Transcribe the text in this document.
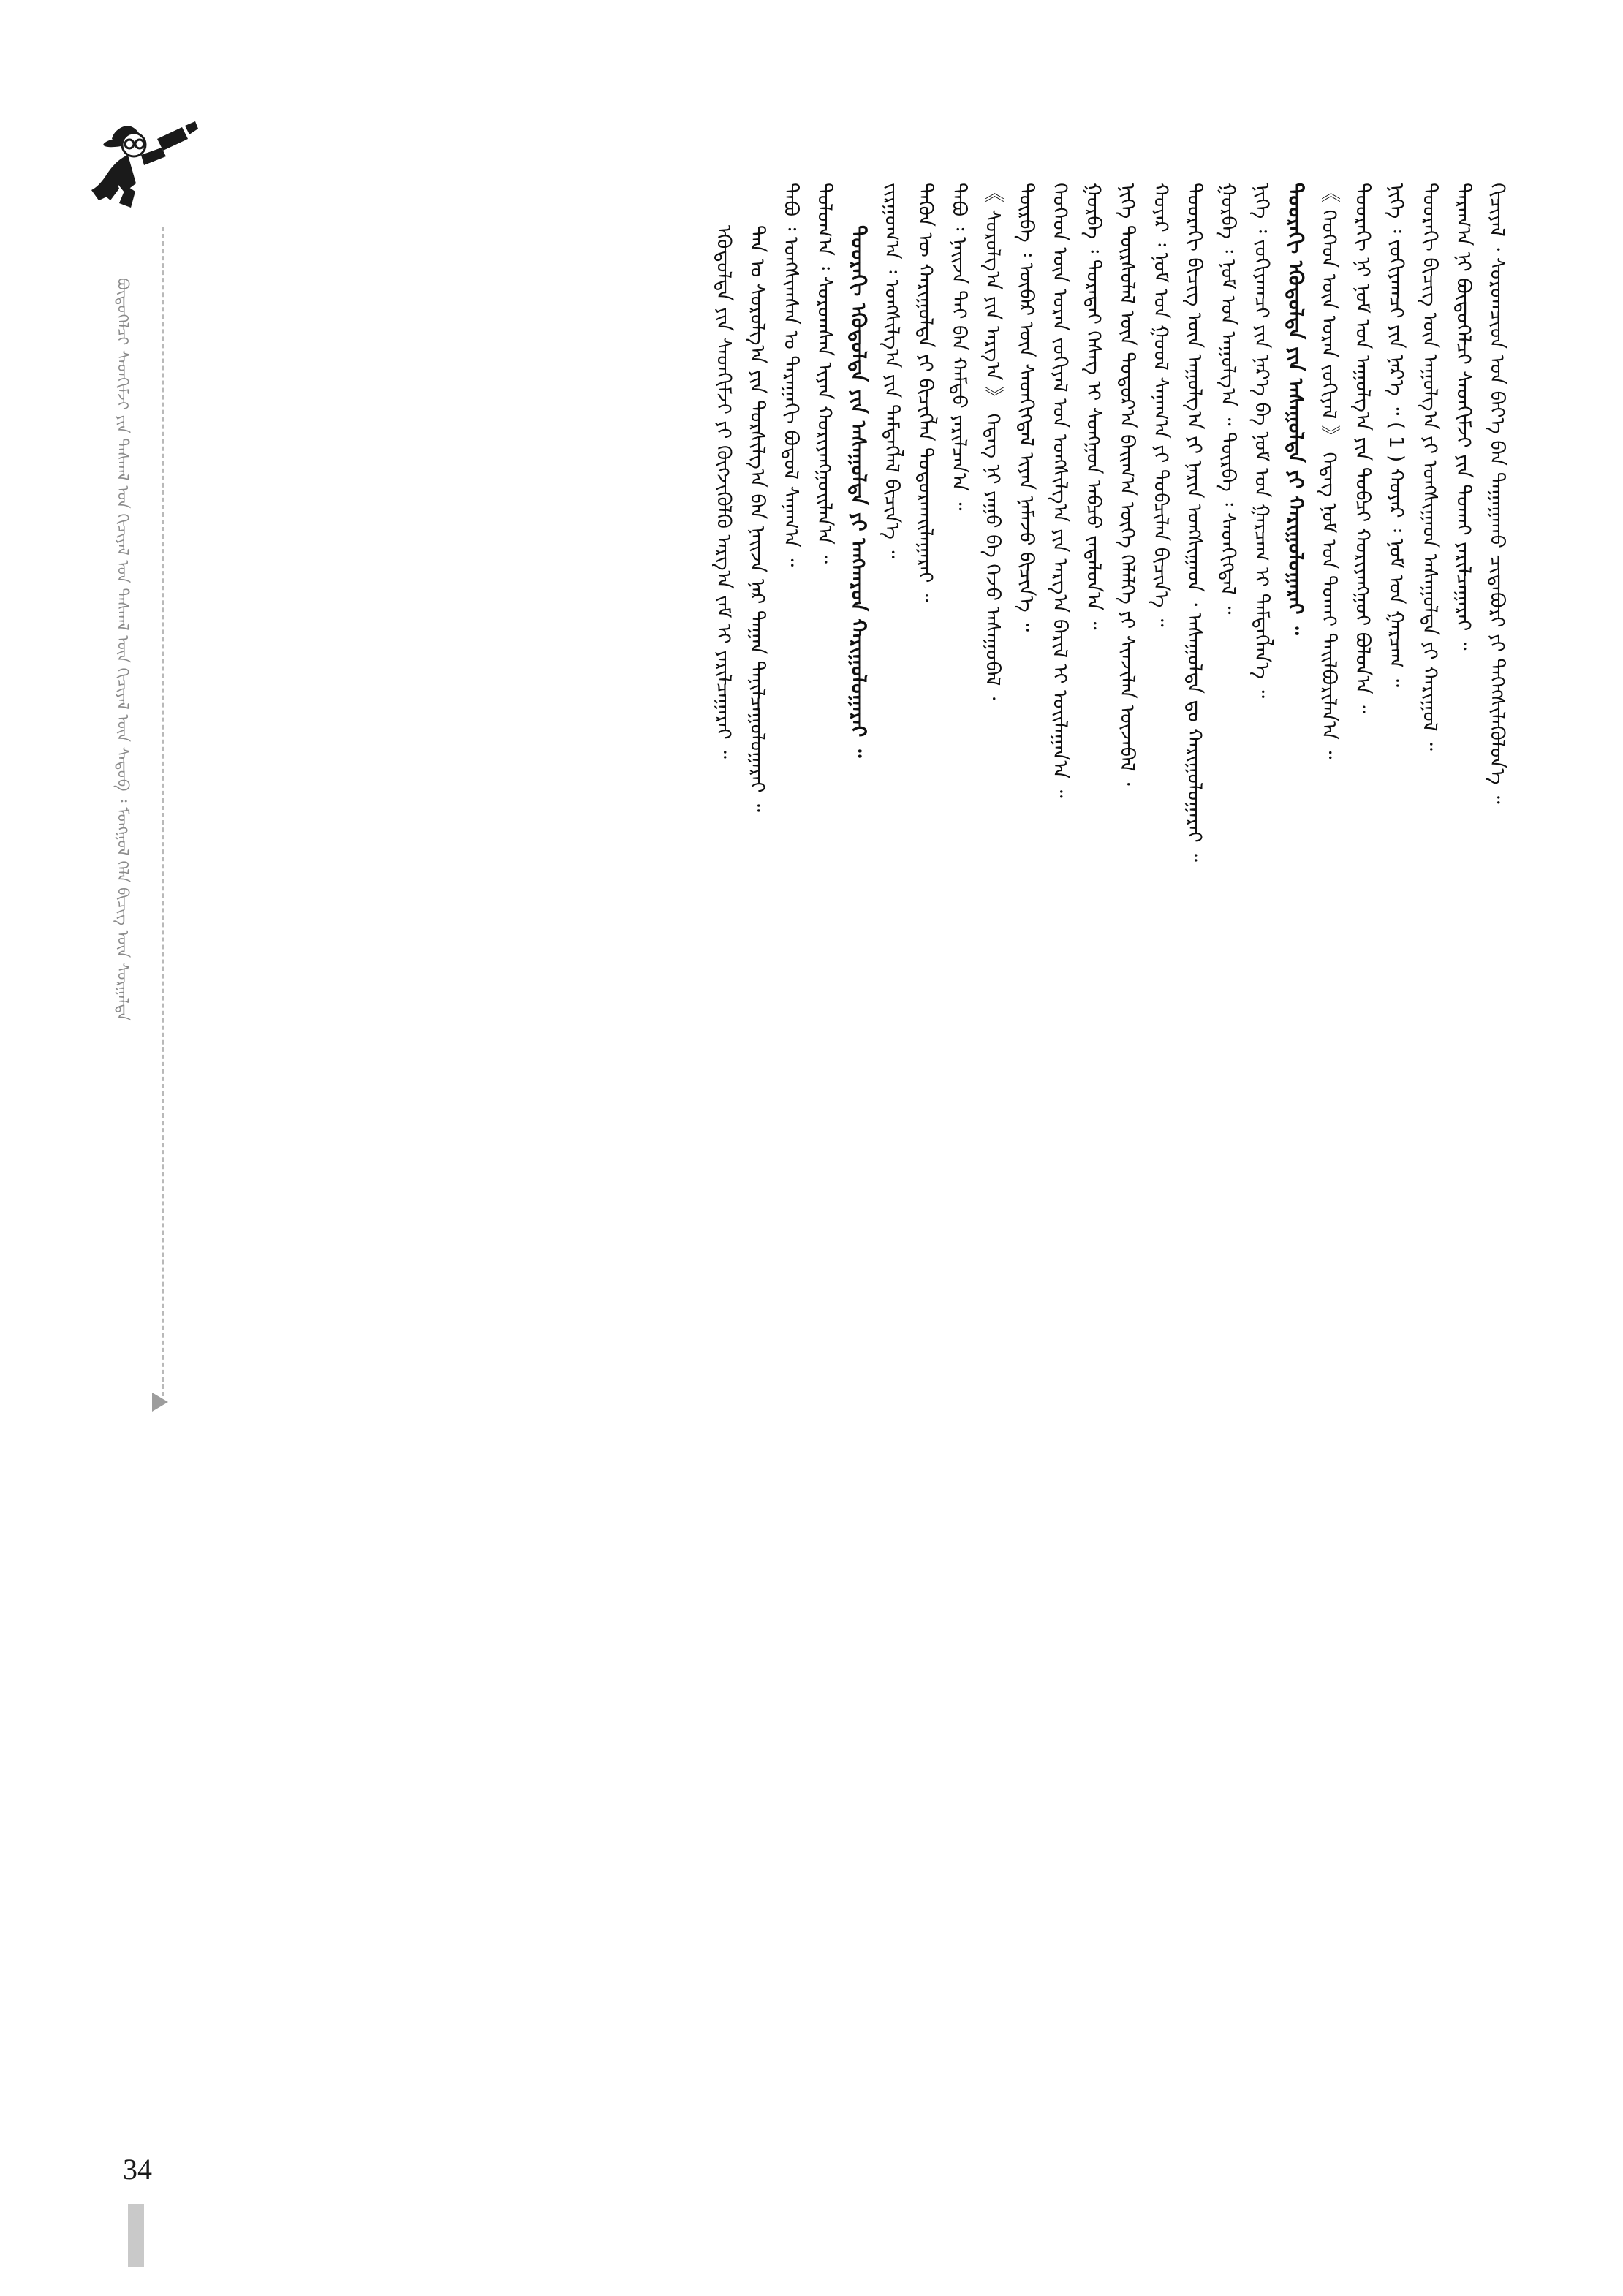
ᠪᠦᠲᠦᠭᠡᠯᠴᠢ ᠰᠡᠳᠬᠢᠮᠵᠢ ᠶᠢᠨ ᠳᠠᠰᠬᠠᠯ ᠤᠨ ᠬᠢᠴᠢᠶᠡᠯ ᠤᠨ ᠳᠠᠰᠬᠠᠯ ᠦᠨ ᠬᠢᠴᠢᠶᠡᠯ ᠦᠨ ᠰᠡᠳᠦᠪ ᠄ ᠮᠣᠩᠭᠣᠯ ᠬᠡᠯᠡ ᠪᠢᠴᠢᠭ ᠦᠨ ᠰᠤᠷᠭᠠᠯᠲᠠ	ᠬᠢᠴᠢᠶᠡᠯ ᠂ ᠰᠤᠷᠤᠭᠴᠢᠳ ᠤᠨ ᠪᠡᠶ᠎ᠡ ᠪᠡᠨ ᠳᠠᠭᠠᠭᠠᠬᠤ ᠴᠢᠳᠠᠪᠤᠷᠢ ᠶᠢ ᠳᠡᠭᠡᠭᠰᠢᠯᠡᠭᠦᠯᠦᠨ᠎ᠡ ᠃
ᠳᠠᠷᠠᠭ᠎ᠠ ᠨᠢ ᠪᠦᠲᠦᠭᠡᠯᠴᠢ ᠰᠡᠳᠬᠢᠮᠵᠢ ᠶᠢᠨ ᠲᠤᠬᠠᠢ ᠶᠠᠷᠢᠯᠴᠠᠭᠠᠷᠠᠢ ᠃
ᠳᠣᠣᠷᠠᠬᠢ ᠪᠢᠴᠢᠭ ᠦᠨ ᠠᠭᠤᠯᠭ᠎ᠠ ᠶᠢ ᠤᠩᠰᠢᠭᠠᠳ ᠠᠰᠠᠭᠤᠯᠲᠠ ᠶᠢ ᠬᠠᠷᠢᠭᠤᠯ ᠃
ᠨᠢᠭᠡ ᠄ ᠵᠣᠬᠢᠶᠠᠭᠴᠢ ᠶᠢᠨ ᠨᠡᠷ᠎ᠡ ᠃ ( 1 ) ᠬᠣᠶᠠᠷ ᠄ ᠨᠣᠮ ᠤᠨ ᠭᠠᠷᠴᠠᠭ ᠃
ᠳᠣᠣᠷᠠᠬᠢ ᠨᠢ ᠨᠣᠮ ᠤᠨ ᠠᠭᠤᠯᠭ᠎ᠠ ᠶᠢᠨ ᠲᠣᠪᠴᠢ ᠬᠤᠷᠢᠶᠠᠩᠭᠤᠢ ᠪᠣᠯᠤᠨ᠎ᠠ ᠃
《 ᠬᠡᠦᠬᠡᠳ ᠦᠨ ᠤᠷᠠᠨ ᠵᠣᠬᠢᠶᠠᠯ 》 ᠭᠡᠳᠡᠭ ᠨᠣᠮ ᠤᠨ ᠲᠤᠬᠠᠢ ᠲᠠᠢᠯᠪᠤᠷᠢᠯᠠᠨ᠎ᠠ ᠃
ᠳᠣᠣᠷᠠᠬᠢ ᠡᠭᠦᠳᠦᠯᠲᠡ ᠶᠢᠨ ᠠᠰᠠᠭᠤᠯᠲᠠ ᠶᠢ ᠬᠠᠷᠢᠭᠤᠯᠤᠭᠠᠷᠠᠢ ᠃
ᠨᠢᠭᠡ ᠄ ᠵᠣᠬᠢᠶᠠᠭᠴᠢ ᠶᠢᠨ ᠨᠡᠷ᠎ᠡ ᠪᠠ ᠨᠣᠮ ᠤᠨ ᠭᠠᠷᠴᠠᠭ ᠢ ᠲᠡᠮᠳᠡᠭᠯᠡᠨ᠎ᠡ ᠃
ᠭᠤᠷᠪᠠ ᠄ ᠨᠣᠮ ᠤᠨ ᠠᠭᠤᠯᠭ᠎ᠠ ᠃ ᠳᠦᠷᠪᠡ ᠄ ᠰᠡᠳᠬᠢᠭᠳᠡᠯ ᠃
ᠳᠣᠣᠷᠠᠬᠢ ᠪᠢᠴᠢᠭ ᠦᠨ ᠠᠭᠤᠯᠭ᠎ᠠ ᠶᠢ ᠨᠠᠷᠢᠨ ᠤᠩᠰᠢᠭᠠᠳ ᠂ ᠠᠰᠠᠭᠤᠯᠲᠠ ᠳᠤ ᠬᠠᠷᠢᠭᠤᠯᠤᠭᠠᠷᠠᠢ ᠃
ᠬᠣᠶᠠᠷ ᠄ ᠨᠣᠮ ᠤᠨ ᠭᠣᠣᠯ ᠰᠠᠨᠠᠭ᠎ᠠ ᠶᠢ ᠲᠣᠪᠴᠢᠯᠠᠨ ᠪᠢᠴᠢᠨ᠎ᠡ ᠃
ᠨᠢᠭᠡ ᠳᠦᠷᠰᠦᠯᠡᠯ ᠦᠨ ᠳᠣᠲᠣᠷ᠎ᠠ ᠪᠠᠢᠭ᠎ᠠ ᠦᠭᠡ ᠬᠡᠯᠡᠯᠭᠡ ᠶᠢ ᠰᠢᠨᠵᠢᠯᠡᠨ ᠦᠵᠡᠪᠡᠯ ᠂
ᠭᠤᠷᠪᠠ ᠄ ᠳᠤᠷᠠᠲᠠᠢ ᠬᠡᠰᠡᠭ ᠢ ᠰᠣᠩᠭᠣᠨ ᠠᠪᠴᠤ ᠵᠠᠳᠠᠯᠤᠨ᠎ᠠ ᠃
ᠬᠡᠦᠬᠡᠳ ᠦᠨ ᠤᠷᠠᠨ ᠵᠣᠬᠢᠶᠠᠯ ᠤᠨ ᠤᠩᠰᠢᠯᠭ᠎ᠠ ᠶᠢᠨ ᠠᠷᠭ᠎ᠠ ᠪᠠᠷᠢᠯ ᠢ ᠣᠢᠯᠠᠭᠠᠨ᠎ᠠ ᠃
ᠳᠦᠷᠪᠡ ᠄ ᠦᠪᠡᠷ ᠦᠨ ᠰᠡᠳᠬᠢᠭᠳᠡᠯ ᠢᠶᠡᠨ ᠨᠡᠮᠡᠵᠦ ᠪᠢᠴᠢᠨ᠎ᠡ ᠃
《 ᠰᠤᠷᠤᠯᠭ᠎ᠠ ᠶᠢᠨ ᠠᠷᠭ᠎ᠠ 》 ᠭᠡᠳᠡᠭ ᠨᠢ ᠶᠠᠭᠤ ᠪᠡ ᠭᠡᠵᠦ ᠠᠰᠠᠭᠤᠪᠠᠯ ᠂
ᠲᠠᠪᠤ ᠄ ᠨᠠᠢᠵᠠ ᠲᠠᠢ ᠪᠠᠨ ᠬᠠᠮᠲᠤ ᠶᠠᠷᠢᠯᠴᠠᠨ᠎ᠠ ᠃
ᠲᠡᠭᠦᠨ ᠦ ᠬᠠᠷᠢᠭᠤᠯᠲᠠ ᠶᠢ ᠪᠢᠴᠢᠭᠯᠡᠨ ᠲᠣᠳᠣᠷᠬᠠᠢᠯᠠᠭᠠᠷᠠᠢ ᠃
ᠵᠢᠷᠭᠤᠭ᠎ᠠ ᠄ ᠤᠩᠰᠢᠯᠭ᠎ᠠ ᠶᠢᠨ ᠲᠡᠮᠳᠡᠭᠯᠡᠯ ᠪᠢᠴᠢᠨ᠎ᠡ ᠃
ᠳᠣᠣᠷᠠᠬᠢ ᠡᠭᠦᠳᠦᠯᠲᠡ ᠶᠢᠨ ᠠᠰᠠᠭᠤᠯᠲᠠ ᠶᠢ ᠠᠩᠬᠠᠷᠤᠨ ᠬᠠᠷᠢᠭᠤᠯᠤᠭᠠᠷᠠᠢ ᠃
ᠳᠣᠯᠣᠭ᠎ᠠ ᠄ ᠰᠤᠷᠤᠭᠰᠠᠨ ᠢᠶᠠᠨ ᠬᠤᠷᠢᠶᠠᠩᠭᠤᠢᠯᠠᠨ᠎ᠠ ᠃
ᠲᠠᠪᠤ ᠄ ᠤᠩᠰᠢᠭᠰᠠᠨ ᠤ ᠳᠠᠷᠠᠭᠠᠬᠢ ᠪᠣᠳᠣᠯ ᠰᠠᠨᠠᠭ᠎ᠠ ᠃
ᠲᠠᠨ ᠤ ᠰᠤᠷᠤᠯᠭ᠎ᠠ ᠶᠢᠨ ᠲᠤᠷᠰᠢᠯᠭ᠎ᠠ ᠪᠠᠨ ᠨᠠᠢᠵᠠ ᠨᠠᠷ ᠲᠠᠭᠠᠨ ᠲᠠᠨᠢᠯᠴᠠᠭᠤᠯᠤᠭᠠᠷᠠᠢ ᠃
ᠡᠭᠦᠳᠦᠯᠲᠡ ᠶᠢᠨ ᠰᠡᠳᠬᠢᠮᠵᠢ ᠶᠢ ᠬᠦᠭᠵᠢᠭᠦᠯᠬᠦ ᠠᠷᠭ᠎ᠠ ᠵᠠᠮ ᠢ ᠶᠠᠷᠢᠯᠴᠠᠭᠠᠷᠠᠢ ᠃
34
